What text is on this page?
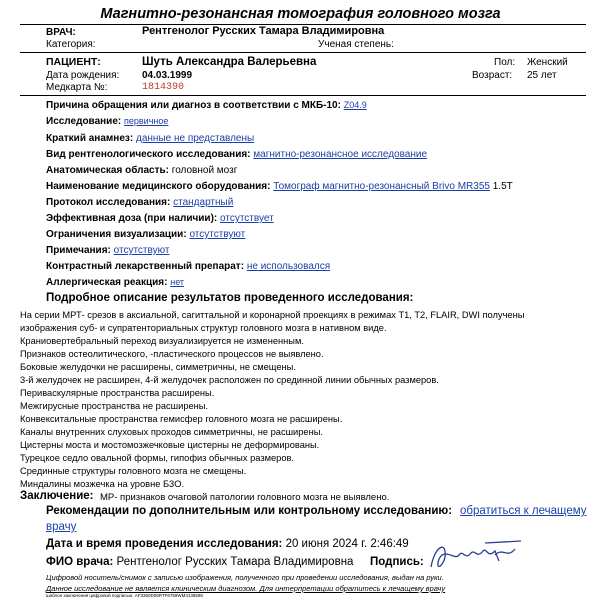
Магнитно-резонансная томография головного мозга
ВРАЧ:	Рентгенолог Русских Тамара Владимировна
Категория:	Ученая степень:
ПАЦИЕНТ:	Шуть Александра Валерьевна	Пол: Женский
Дата рождения: 04.03.1999	Возраст: 25 лет
Медкарта №:	1814390
Причина обращения или диагноз в соответствии с МКБ-10: Z04.9
Исследование: первичное
Краткий анамнез: данные не представлены
Вид рентгенологического исследования: магнитно-резонансное исследование
Анатомическая область: головной мозг
Наименование медицинского оборудования: Томограф магнитно-резонансный Brivo MR355 1.5T
Протокол исследования: стандартный
Эффективная доза (при наличии): отсутствует
Ограничения визуализации: отсутствуют
Примечания: отсутствуют
Контрастный лекарственный препарат: не использовался
Аллергическая реакция: нет
Подробное описание результатов проведенного исследования:
На серии МРТ- срезов в аксиальной, сагиттальной и коронарной проекциях в режимах T1, T2, FLAIR, DWI получены
изображения суб- и супратенториальных структур головного мозга в нативном виде.
Краниовертебральный переход визуализируется не измененным.
Признаков остеолитического, -пластического процессов не выявлено.
Боковые желудочки не расширены, симметричны, не смещены.
3-й желудочек не расширен, 4-й желудочек расположен по срединной линии обычных размеров.
Периваскулярные пространства расширены.
Межгирусные пространства не расширены.
Конвекситальные пространства гемисфер головного мозга не расширены.
Каналы внутренних слуховых проходов симметричны, не расширены.
Цистерны моста и мостомозжечковые цистерны не деформированы.
Турецкое седло овальной формы, гипофиз обычных размеров.
Срединные структуры головного мозга не смещены.
Миндалины мозжечка на уровне Б3О.
Заключение: МР- признаков очаговой патологии головного мозга не выявлено.
Рекомендации по дополнительным или контрольному исследованию: обратиться к лечащему
врачу
Дата и время проведения исследования: 20 июня 2024 г. 2:46:49
ФИО врача: Рентгенолог Русских Тамара Владимировна Подпись:
Цифровой носитель/снимок с записью изображения, полученного при проведении исследования, выдан на руки.
Данное исследование не является клиническим диагнозом. Для интерпретации обратитесь к лечащему врачу
шаблон заключения цифровой подписью: AF3360D05RTF6759WM4138598
